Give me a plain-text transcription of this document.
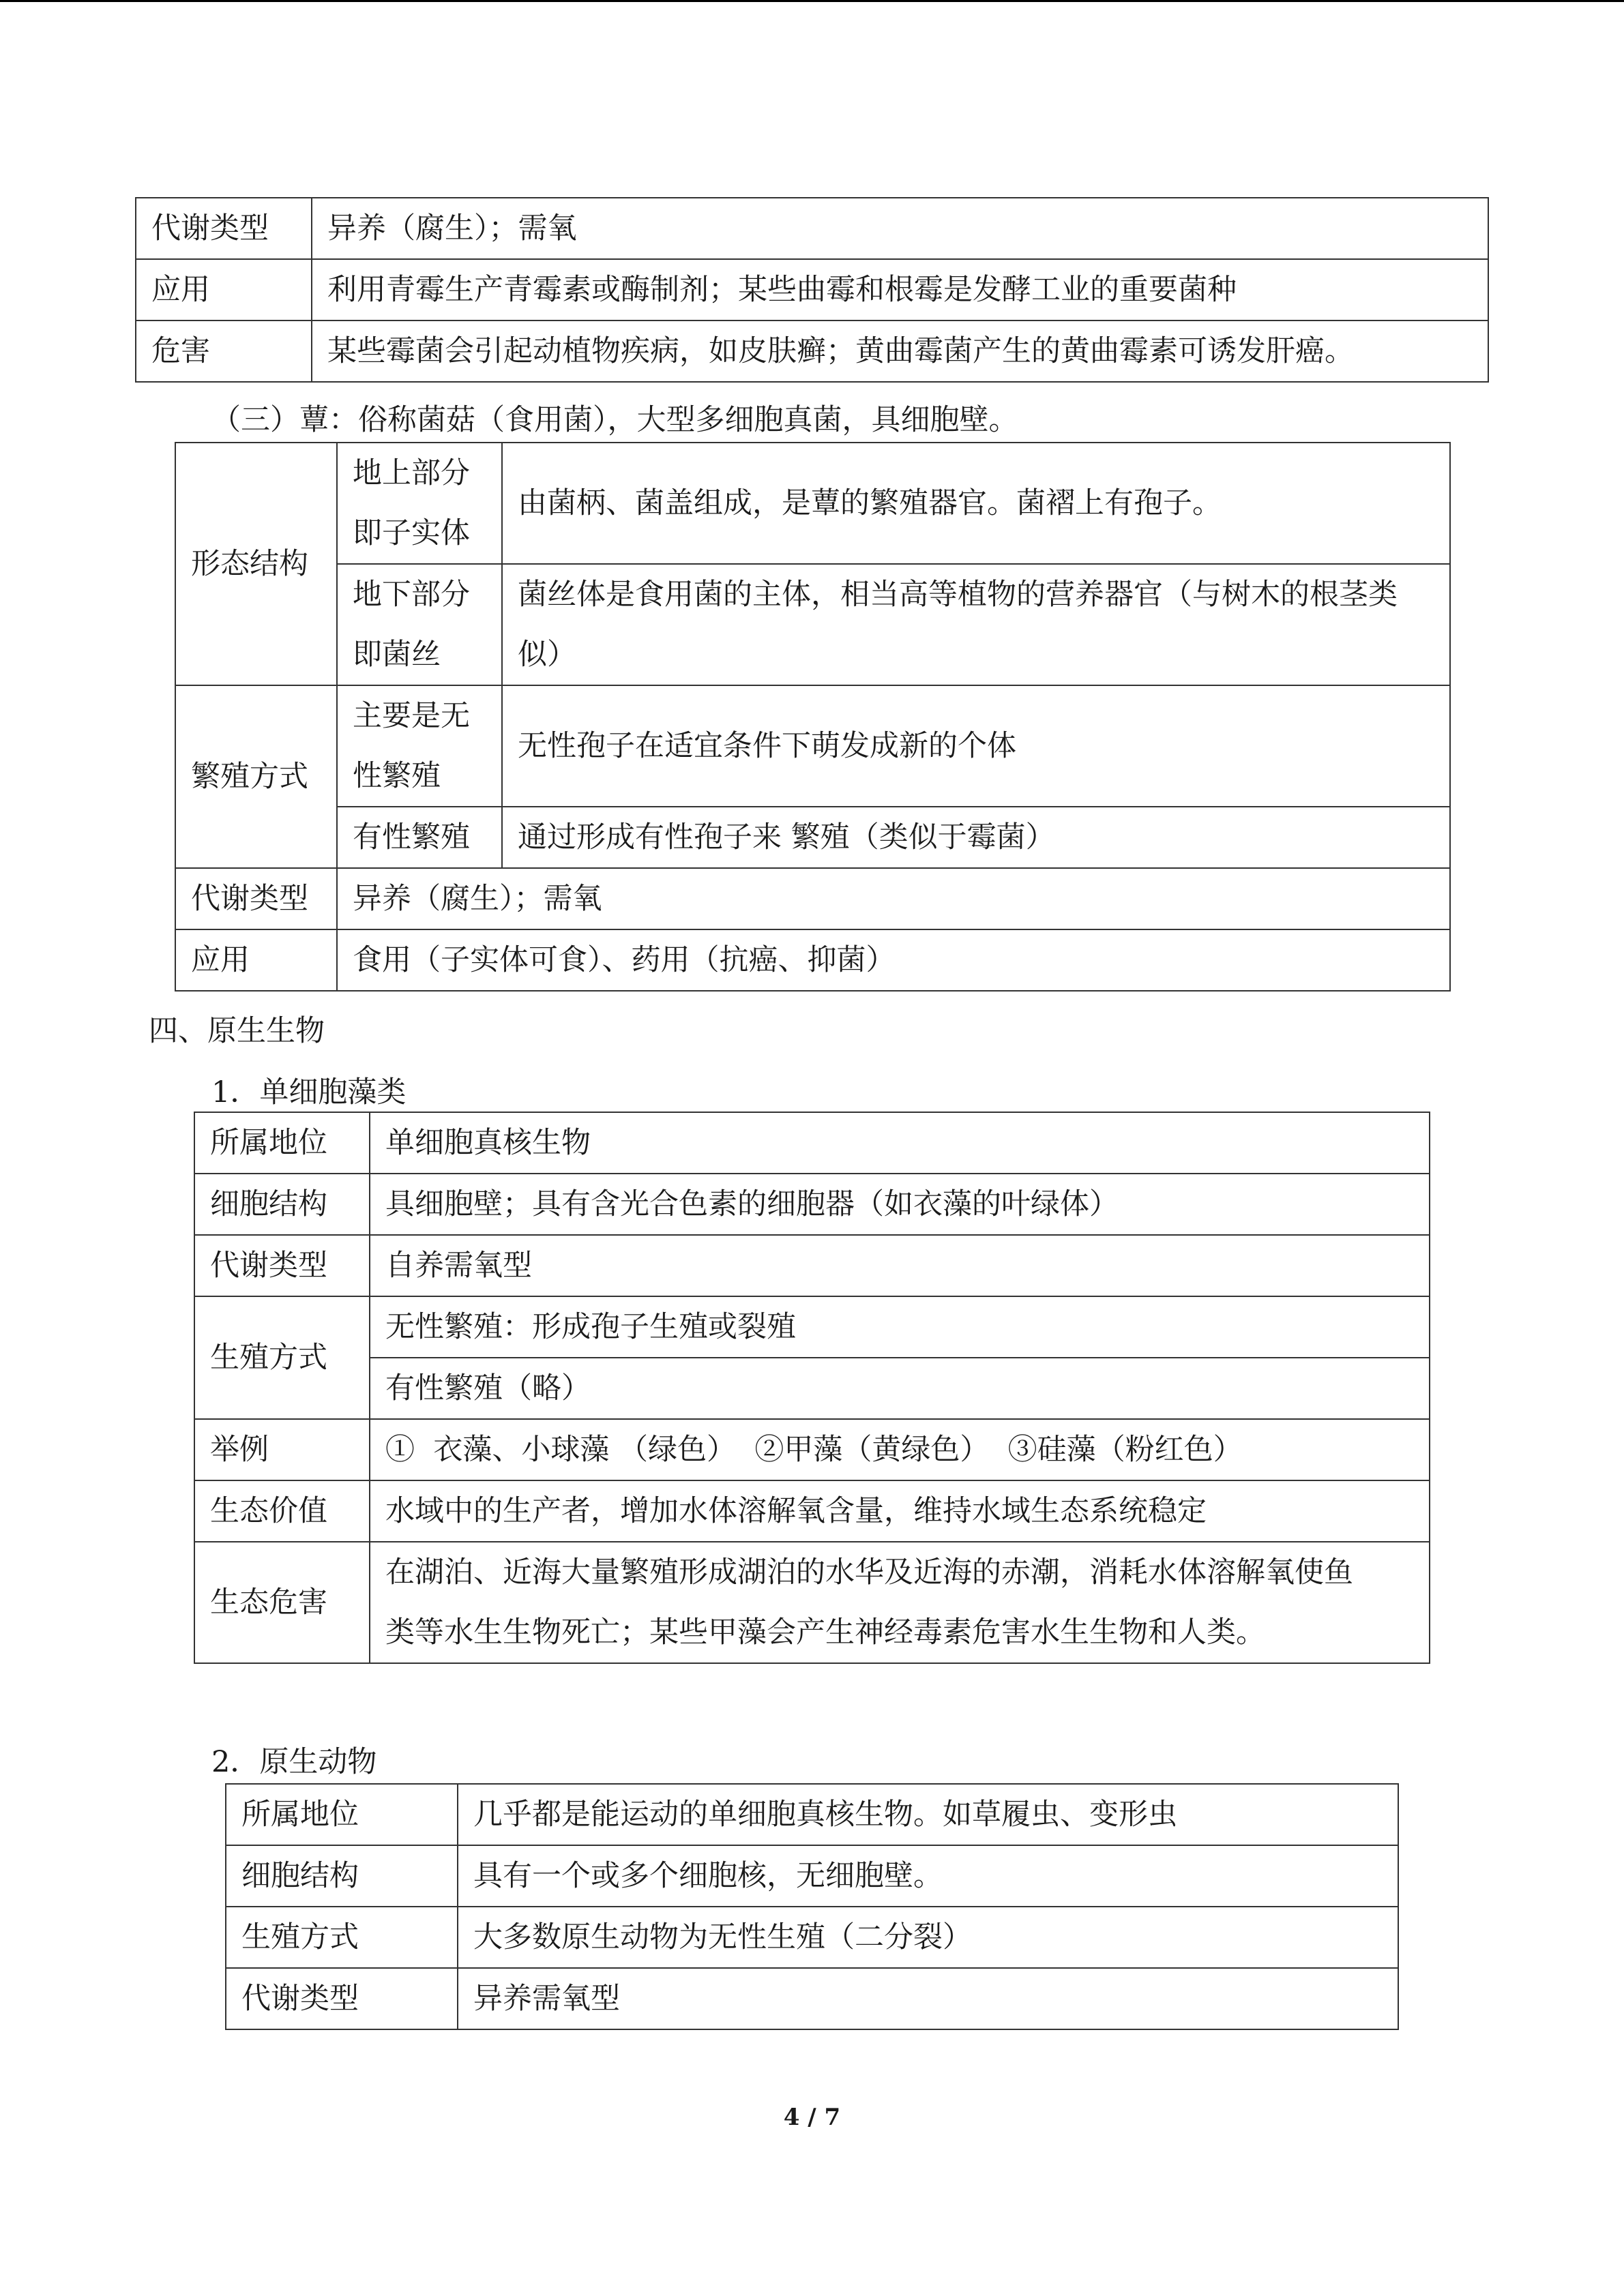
代谢类型	异养（腐生）；需氧
应用	利用青霉生产青霉素或酶制剂；某些曲霉和根霉是发酵工业的重要菌种
危害	某些霉菌会引起动植物疾病，如皮肤癣；黄曲霉菌产生的黄曲霉素可诱发肝癌。
（三）蕈：俗称菌菇（食用菌），大型多细胞真菌，具细胞壁。
形态结构	地上部分即子实体	由菌柄、菌盖组成，是蕈的繁殖器官。菌褶上有孢子。
	地下部分即菌丝	菌丝体是食用菌的主体，相当高等植物的营养器官（与树木的根茎类似）
繁殖方式	主要是无性繁殖	无性孢子在适宜条件下萌发成新的个体
	有性繁殖	通过形成有性孢子来 繁殖（类似于霉菌）
代谢类型	异养（腐生）；需氧	
应用	食用（子实体可食）、药用（抗癌、抑菌）	
四、原生生物
1．单细胞藻类
所属地位	单细胞真核生物
细胞结构	具细胞壁；具有含光合色素的细胞器（如衣藻的叶绿体）
代谢类型	自养需氧型
生殖方式	无性繁殖：形成孢子生殖或裂殖
	有性繁殖（略）
举例	①  衣藻、小球藻 （绿色）  ②甲藻（黄绿色）  ③硅藻（粉红色）
生态价值	水域中的生产者，增加水体溶解氧含量，维持水域生态系统稳定
生态危害	在湖泊、近海大量繁殖形成湖泊的水华及近海的赤潮，消耗水体溶解氧使鱼类等水生生物死亡；某些甲藻会产生神经毒素危害水生生物和人类。
2．原生动物
所属地位	几乎都是能运动的单细胞真核生物。如草履虫、变形虫
细胞结构	具有一个或多个细胞核，无细胞壁。
生殖方式	大多数原生动物为无性生殖（二分裂）
代谢类型	异养需氧型
4 / 7
